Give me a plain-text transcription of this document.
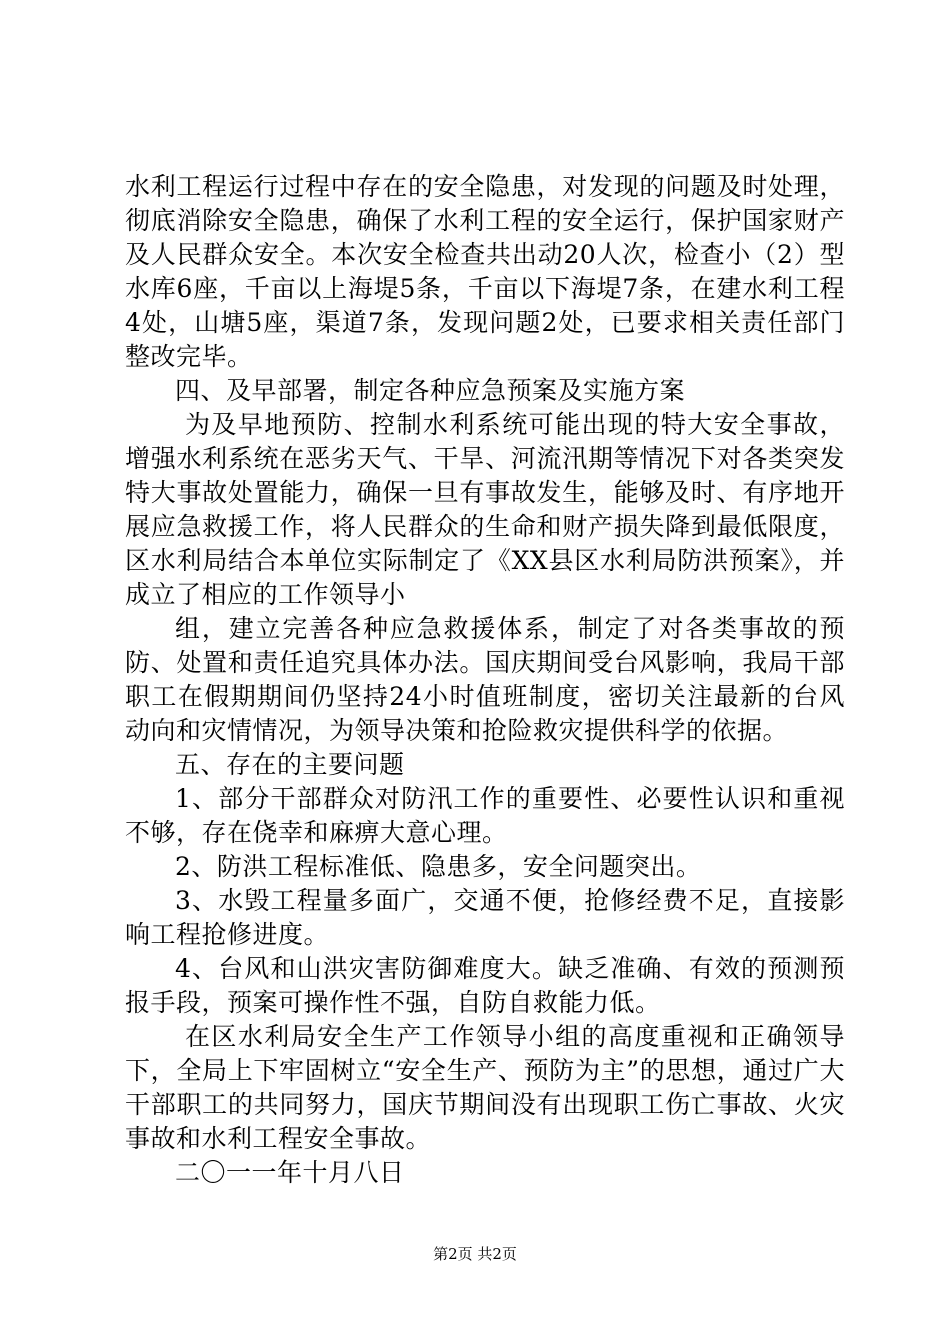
水利工程运行过程中存在的安全隐患，对发现的问题及时处理，彻底消除安全隐患，确保了水利工程的安全运行，保护国家财产及人民群众安全。本次安全检查共出动20人次，检查小（2）型水库6座，千亩以上海堤5条，千亩以下海堤7条，在建水利工程4处，山塘5座，渠道7条，发现问题2处，已要求相关责任部门整改完毕。

四、及早部署，制定各种应急预案及实施方案

为及早地预防、控制水利系统可能出现的特大安全事故，增强水利系统在恶劣天气、干旱、河流汛期等情况下对各类突发特大事故处置能力，确保一旦有事故发生，能够及时、有序地开展应急救援工作，将人民群众的生命和财产损失降到最低限度，区水利局结合本单位实际制定了《XX县区水利局防洪预案》，并成立了相应的工作领导小

组，建立完善各种应急救援体系，制定了对各类事故的预防、处置和责任追究具体办法。国庆期间受台风影响，我局干部职工在假期期间仍坚持24小时值班制度，密切关注最新的台风动向和灾情情况，为领导决策和抢险救灾提供科学的依据。

五、存在的主要问题

1、部分干部群众对防汛工作的重要性、必要性认识和重视不够，存在侥幸和麻痹大意心理。

2、防洪工程标准低、隐患多，安全问题突出。

3、水毁工程量多面广，交通不便，抢修经费不足，直接影响工程抢修进度。

4、台风和山洪灾害防御难度大。缺乏准确、有效的预测预报手段，预案可操作性不强，自防自救能力低。

在区水利局安全生产工作领导小组的高度重视和正确领导下，全局上下牢固树立“安全生产、预防为主”的思想，通过广大干部职工的共同努力，国庆节期间没有出现职工伤亡事故、火灾事故和水利工程安全事故。

二〇一一年十月八日

第2页 共2页
